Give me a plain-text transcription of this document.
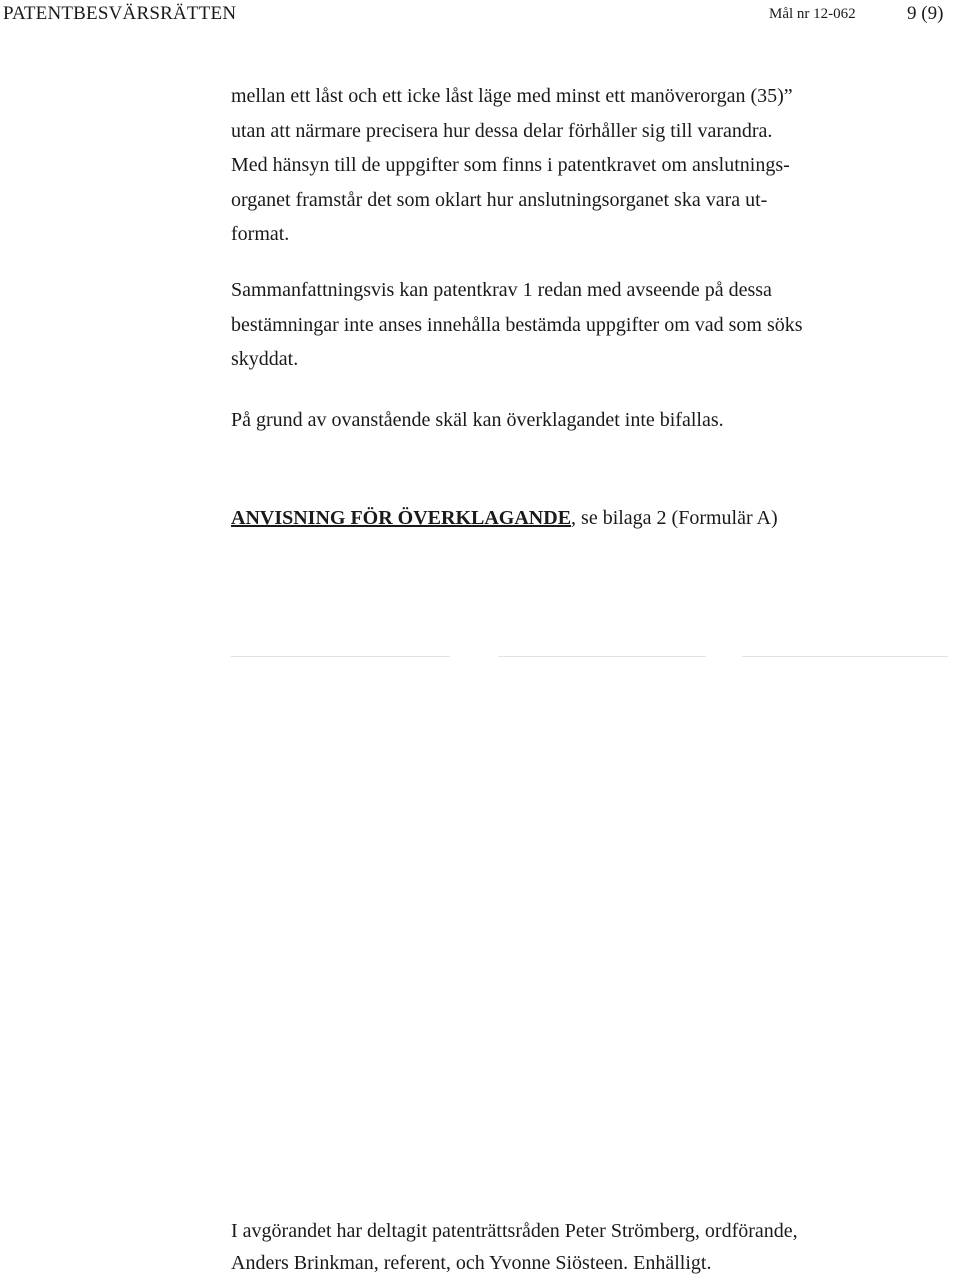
PATENTBESVÄRSRÄTTEN	Mål nr 12-062	9 (9)

mellan ett låst och ett icke låst läge med minst ett manöverorgan (35)”
utan att närmare precisera hur dessa delar förhåller sig till varandra.
Med hänsyn till de uppgifter som finns i patentkravet om anslutnings-
organet framstår det som oklart hur anslutningsorganet ska vara ut-
format.

Sammanfattningsvis kan patentkrav 1 redan med avseende på dessa
bestämningar inte anses innehålla bestämda uppgifter om vad som söks
skyddat.

På grund av ovanstående skäl kan överklagandet inte bifallas.

ANVISNING FÖR ÖVERKLAGANDE, se bilaga 2 (Formulär A)

I avgörandet har deltagit patenträttsråden Peter Strömberg, ordförande,
Anders Brinkman, referent, och Yvonne Siösteen. Enhälligt.
